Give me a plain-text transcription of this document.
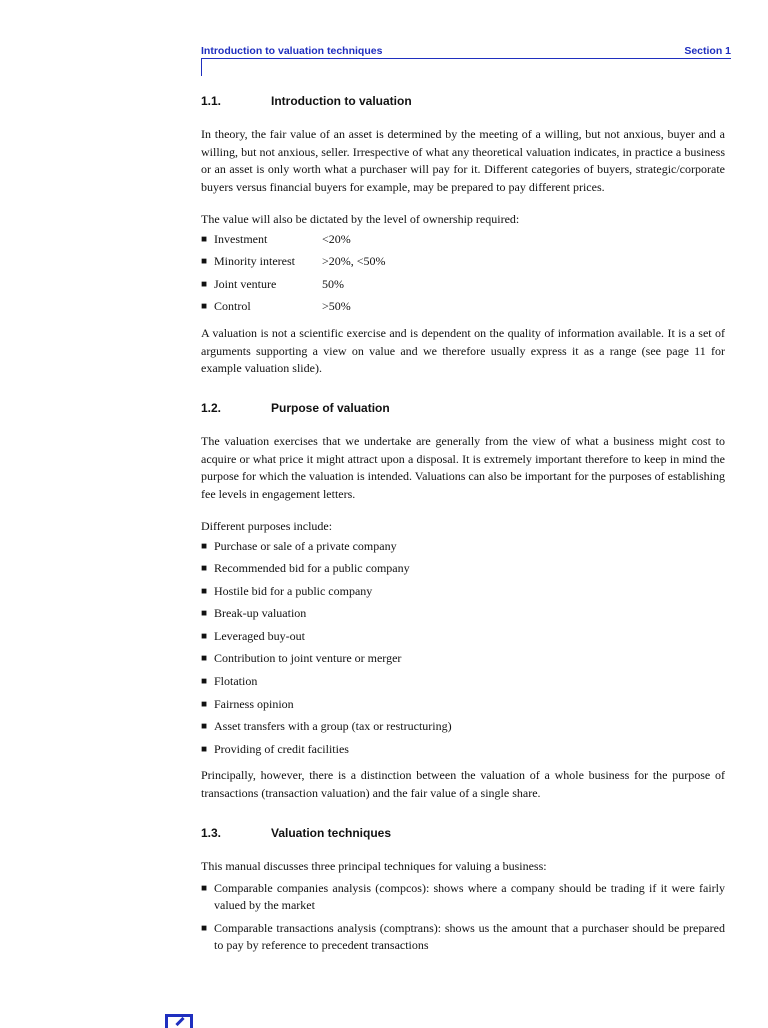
Introduction to valuation techniques	Section 1
1.1.	Introduction to valuation

In theory, the fair value of an asset is determined by the meeting of a willing, but not anxious, buyer and a willing, but not anxious, seller. Irrespective of what any theoretical valuation indicates, in practice a business or an asset is only worth what a purchaser will pay for it. Different categories of buyers, strategic/corporate buyers versus financial buyers for example, may be prepared to pay different prices.

The value will also be dictated by the level of ownership required:

■ Investment	<20%
■ Minority interest >20%, <50%
■ Joint venture	50%
■ Control	>50%

A valuation is not a scientific exercise and is dependent on the quality of information available. It is a set of arguments supporting a view on value and we therefore usually express it as a range (see page 11 for example valuation slide).

1.2.	Purpose of valuation

The valuation exercises that we undertake are generally from the view of what a business might cost to acquire or what price it might attract upon a disposal. It is extremely important therefore to keep in mind the purpose for which the valuation is intended. Valuations can also be important for the purposes of establishing fee levels in engagement letters.

Different purposes include:

■ Purchase or sale of a private company
■ Recommended bid for a public company
■ Hostile bid for a public company
■ Break-up valuation
■ Leveraged buy-out
■ Contribution to joint venture or merger
■ Flotation
■ Fairness opinion
■ Asset transfers with a group (tax or restructuring)
■ Providing of credit facilities

Principally, however, there is a distinction between the valuation of a whole business for the purpose of transactions (transaction valuation) and the fair value of a single share.

1.3.	Valuation techniques

This manual discusses three principal techniques for valuing a business:

■ Comparable companies analysis (compcos): shows where a company should be trading if it were fairly valued by the market
■ Comparable transactions analysis (comptrans): shows us the amount that a purchaser should be prepared to pay by reference to precedent transactions
